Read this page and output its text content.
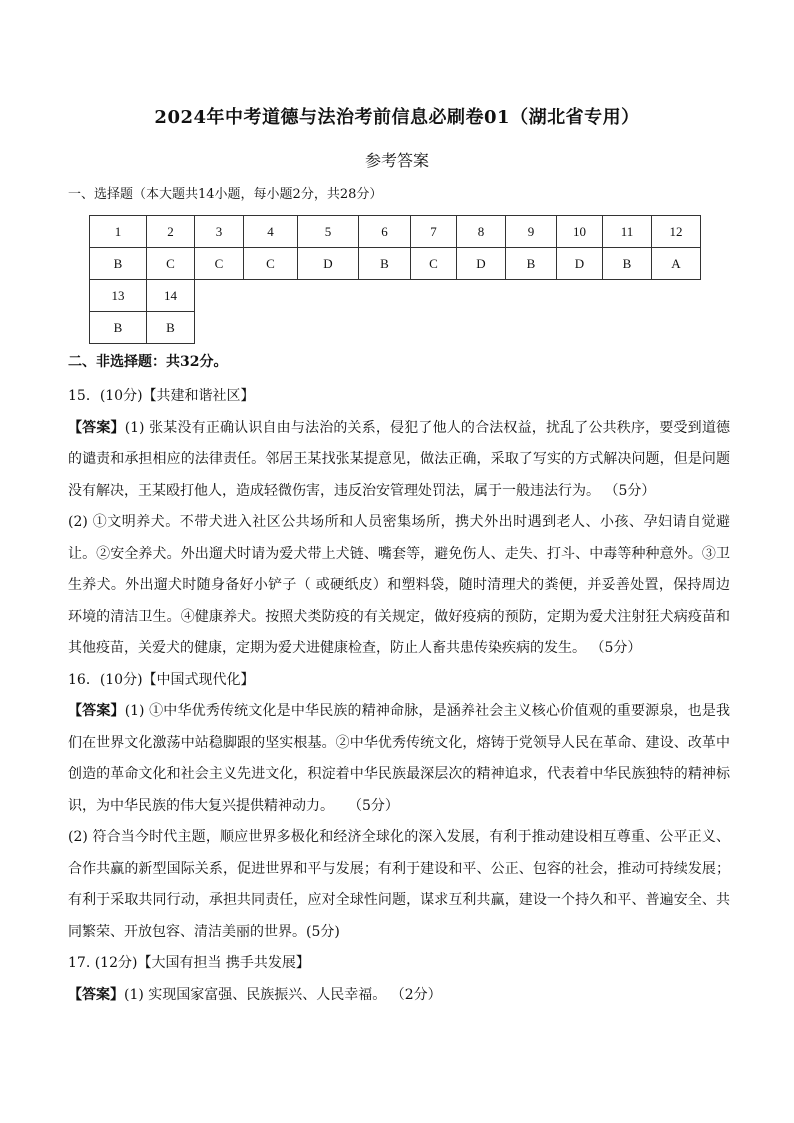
2024年中考道德与法治考前信息必刷卷01（湖北省专用）
参考答案
一、选择题（本大题共14小题，每小题2分，共28分）
1	2	3	4	5	6	7	8	9	10	11	12
B	C	C	C	D	B	C	D	B	D	B	A
13	14										
B	B										
二、非选择题：共32分。

15．(10分)【共建和谐社区】

【答案】(1) 张某没有正确认识自由与法治的关系，侵犯了他人的合法权益，扰乱了公共秩序，要受到道德的谴责和承担相应的法律责任。邻居王某找张某提意见，做法正确，采取了写实的方式解决问题，但是问题没有解决，王某殴打他人，造成轻微伤害，违反治安管理处罚法，属于一般违法行为。 （5分）

(2) ①文明养犬。不带犬进入社区公共场所和人员密集场所，携犬外出时遇到老人、小孩、孕妇请自觉避让。②安全养犬。外出遛犬时请为爱犬带上犬链、嘴套等，避免伤人、走失、打斗、中毒等种种意外。③卫生养犬。外出遛犬时随身备好小铲子（ 或硬纸皮）和塑料袋，随时清理犬的粪便，并妥善处置，保持周边环境的清洁卫生。④健康养犬。按照犬类防疫的有关规定，做好疫病的预防，定期为爱犬注射狂犬病疫苗和其他疫苗，关爱犬的健康，定期为爱犬进健康检查，防止人畜共患传染疾病的发生。 （5分）

16．(10分)【中国式现代化】

【答案】(1) ①中华优秀传统文化是中华民族的精神命脉，是涵养社会主义核心价值观的重要源泉，也是我们在世界文化激荡中站稳脚跟的坚实根基。②中华优秀传统文化，熔铸于党领导人民在革命、建设、改革中创造的革命文化和社会主义先进文化，积淀着中华民族最深层次的精神追求，代表着中华民族独特的精神标识，为中华民族的伟大复兴提供精神动力。　　（5分）

(2) 符合当今时代主题，顺应世界多极化和经济全球化的深入发展，有利于推动建设相互尊重、公平正义、合作共赢的新型国际关系，促进世界和平与发展；有利于建设和平、公正、包容的社会，推动可持续发展；有利于采取共同行动，承担共同责任，应对全球性问题，谋求互利共赢，建设一个持久和平、普遍安全、共同繁荣、开放包容、清洁美丽的世界。(5分)

17. (12分)【大国有担当 携手共发展】

【答案】(1) 实现国家富强、民族振兴、人民幸福。 （2分）
